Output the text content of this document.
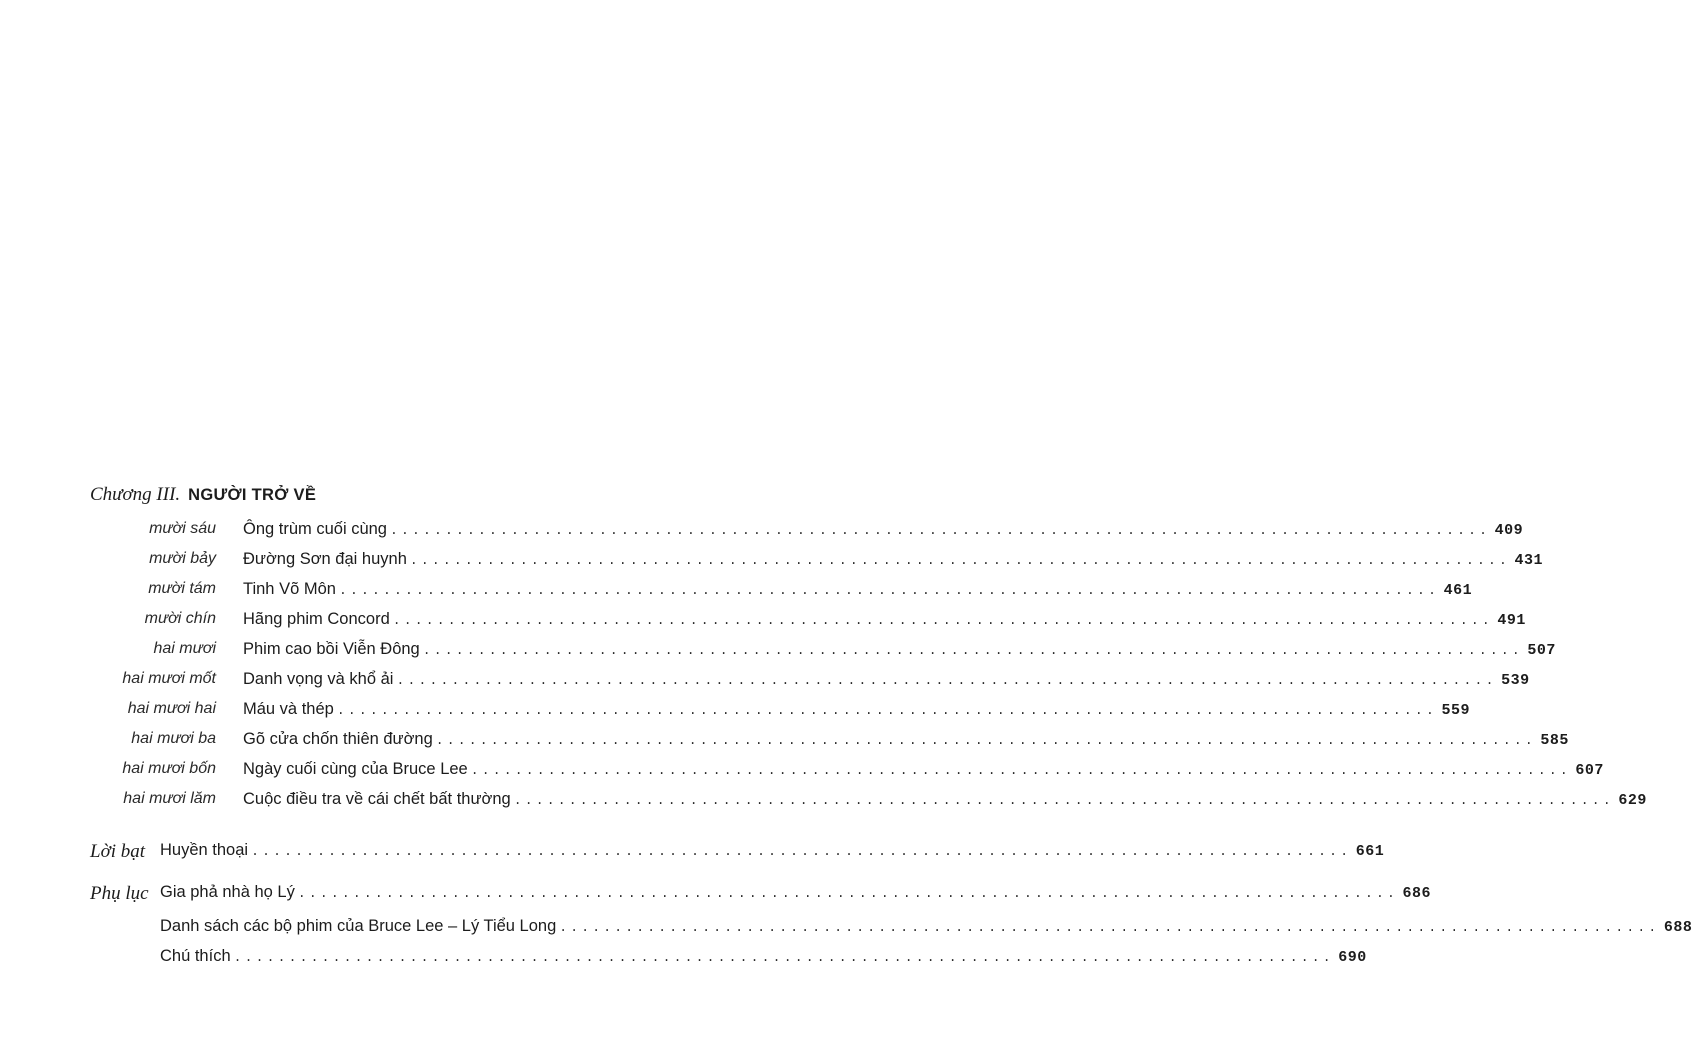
Chương III. NGƯỜI TRỞ VỀ
mười sáu Ông trùm cuối cùng .................................................................................................... 409
mười bảy Đường Sơn đại huynh .................................................................................................... 431
mười tám Tinh Võ Môn .................................................................................................... 461
mười chín Hãng phim Concord .................................................................................................... 491
hai mươi Phim cao bồi Viễn Đông .................................................................................................... 507
hai mươi mốt Danh vọng và khổ ải .................................................................................................... 539
hai mươi hai Máu và thép .................................................................................................... 559
hai mươi ba Gõ cửa chốn thiên đường .................................................................................................... 585
hai mươi bốn Ngày cuối cùng của Bruce Lee .................................................................................................... 607
hai mươi lăm Cuộc điều tra về cái chết bất thường .................................................................................................... 629
Lời bạt Huyền thoại .................................................................................................... 661
Phụ lục Gia phả nhà họ Lý .................................................................................................... 686
Danh sách các bộ phim của Bruce Lee – Lý Tiểu Long .................................................................................................... 688
Chú thích .................................................................................................... 690
